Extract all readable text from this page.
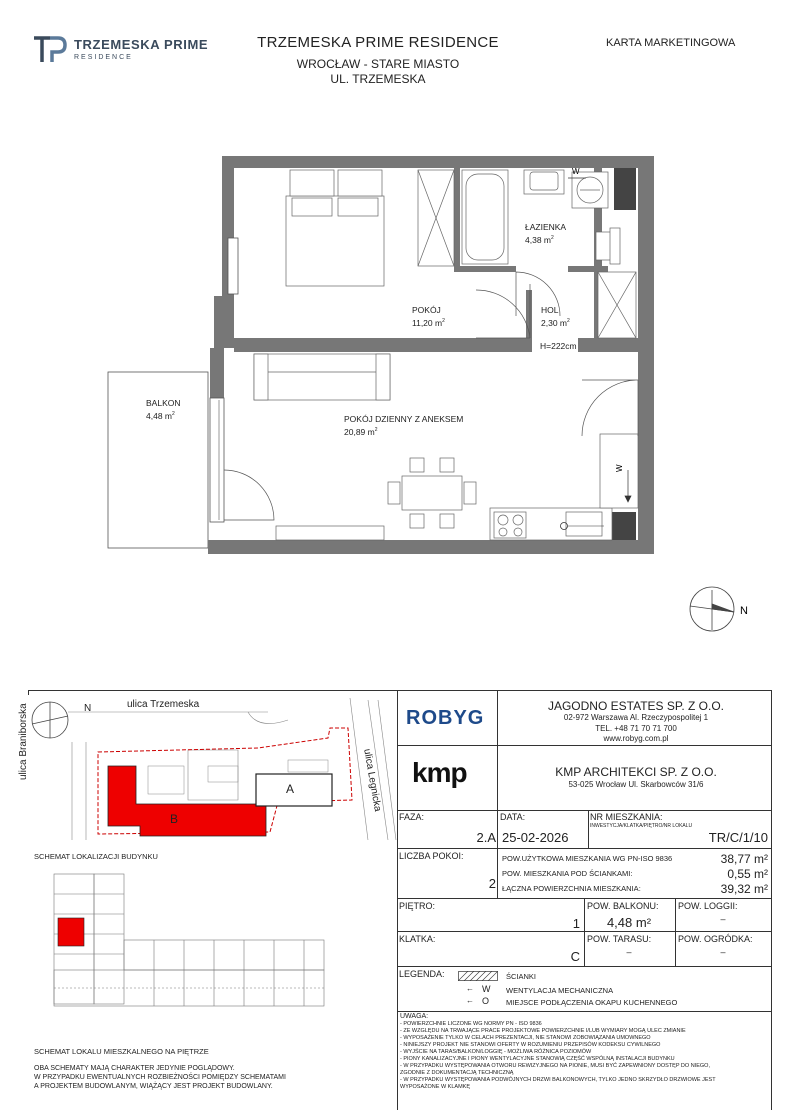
TRZEMESKA PRIME
RESIDENCE
TRZEMESKA PRIME RESIDENCE
WROCŁAW - STARE MIASTO
UL. TRZEMESKA
KARTA MARKETINGOWA
W
W
N
ŁAZIENKA
4,38 $m^2$
POKÓJ
11,20 $m^2$
HOL
2,30 $m^2$
BALKON
4,48 $m^2$	POKÓJ DZIENNY Z ANEKSEM
20,89 $m^2$
H=222cm
ulica Trzemeska
ulica Braniborska
ulica Legnicka
N
B
A
SCHEMAT LOKALIZACJI BUDYNKU
SCHEMAT LOKALU MIESZKALNEGO NA PIĘTRZE
OBA SCHEMATY MAJĄ CHARAKTER JEDYNIE POGLĄDOWY.
W PRZYPADKU EWENTUALNYCH ROZBIEŻNOŚCI POMIĘDZY SCHEMATAMI
A PROJEKTEM BUDOWLANYM, WIĄŻĄCY JEST PROJEKT BUDOWLANY.
ROBYG
JAGODNO ESTATES SP. Z O.O.
02-972 Warszawa Al. Rzeczypospolitej 1
TEL. +48 71 70 71 700
www.robyg.com.pl
kmp	KMP ARCHITEKCI SP. Z O.O.
53-025 Wrocław Ul. Skarbowców 31/6
FAZA:
2.A
DATA:
25-02-2026
NR MIESZKANIA:
INWESTYCJA/KLATKA/PIĘTRO/NR LOKALU
TR/C/1/10
LICZBA POKOI:
2
POW.UŻYTKOWA MIESZKANIA WG PN-ISO 9836	38,77 m²
POW. MIESZKANIA POD ŚCIANKAMI:	0,55 m²
ŁĄCZNA POWIERZCHNIA MIESZKANIA:	39,32 m²
PIĘTRO:
1
POW. BALKONU:
4,48 m²
POW. LOGGII:
–
KLATKA:
C
POW. TARASU:
–
POW. OGRÓDKA:
–
LEGENDA:	ŚCIANKI
← W WENTYLACJA MECHANICZNA
← O MIEJSCE PODŁĄCZENIA OKAPU KUCHENNEGO
UWAGA:
- POWIERZCHNIE LICZONE WG NORMY PN - ISO 9836
- ZE WZGLĘDU NA TRWAJĄCE PRACE PROJEKTOWE POWIERZCHNIE I/LUB WYMIARY MOGĄ ULEC ZMIANIE
- WYPOSAŻENIE TYLKO W CELACH PREZENTACJI, NIE STANOWI ZOBOWIĄZANIA UMOWNEGO
- NINIEJSZY PROJEKT NIE STANOWI OFERTY W ROZUMIENIU PRZEPISÓW KODEKSU CYWILNEGO
- WYJŚCIE NA TARAS/BALKON/LOGGIĘ - MOŻLIWA RÓŻNICA POZIOMÓW
- PIONY KANALIZACYJNE I PIONY WENTYLACYJNE STANOWIĄ CZĘŚĆ WSPÓLNĄ INSTALACJI BUDYNKU
- W PRZYPADKU WYSTĘPOWANIA OTWORU REWIZYJNEGO NA PIONIE, MUSI BYĆ ZAPEWNIONY DOSTĘP DO NIEGO,
ZGODNIE Z DOKUMENTACJĄ TECHNICZNĄ
- W PRZYPADKU WYSTĘPOWANIA PODWÓJNYCH DRZWI BALKONOWYCH, TYLKO JEDNO SKRZYDŁO DRZWIOWE JEST
WYPOSAŻONE W KLAMKĘ
